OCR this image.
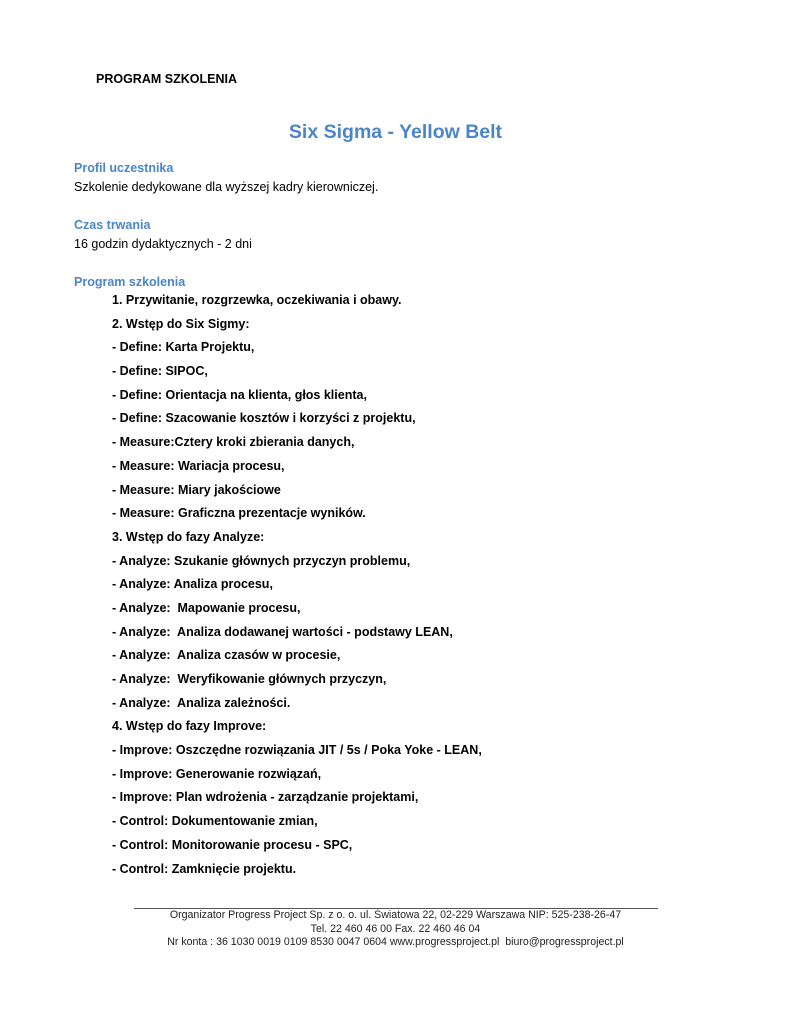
PROGRAM SZKOLENIA
Six Sigma - Yellow Belt
Profil uczestnika
Szkolenie dedykowane dla wyższej kadry kierowniczej.
Czas trwania
16 godzin dydaktycznych - 2 dni
Program szkolenia
1. Przywitanie, rozgrzewka, oczekiwania i obawy.
2. Wstęp do Six Sigmy:
- Define: Karta Projektu,
- Define: SIPOC,
- Define: Orientacja na klienta, głos klienta,
- Define: Szacowanie kosztów i korzyści z projektu,
- Measure:Cztery kroki zbierania danych,
- Measure: Wariacja procesu,
- Measure: Miary jakościowe
- Measure: Graficzna prezentacje wyników.
3. Wstęp do fazy Analyze:
- Analyze: Szukanie głównych przyczyn problemu,
- Analyze: Analiza procesu,
- Analyze:  Mapowanie procesu,
- Analyze:  Analiza dodawanej wartości - podstawy LEAN,
- Analyze:  Analiza czasów w procesie,
- Analyze:  Weryfikowanie głównych przyczyn,
- Analyze:  Analiza zależności.
4. Wstęp do fazy Improve:
- Improve: Oszczędne rozwiązania JIT / 5s / Poka Yoke - LEAN,
- Improve: Generowanie rozwiązań,
- Improve: Plan wdrożenia - zarządzanie projektami,
- Control: Dokumentowanie zmian,
- Control: Monitorowanie procesu - SPC,
- Control: Zamknięcie projektu.
Organizator Progress Project Sp. z o. o. ul. Światowa 22, 02-229 Warszawa NIP: 525-238-26-47
Tel. 22 460 46 00 Fax. 22 460 46 04
Nr konta : 36 1030 0019 0109 8530 0047 0604 www.progressproject.pl  biuro@progressproject.pl
